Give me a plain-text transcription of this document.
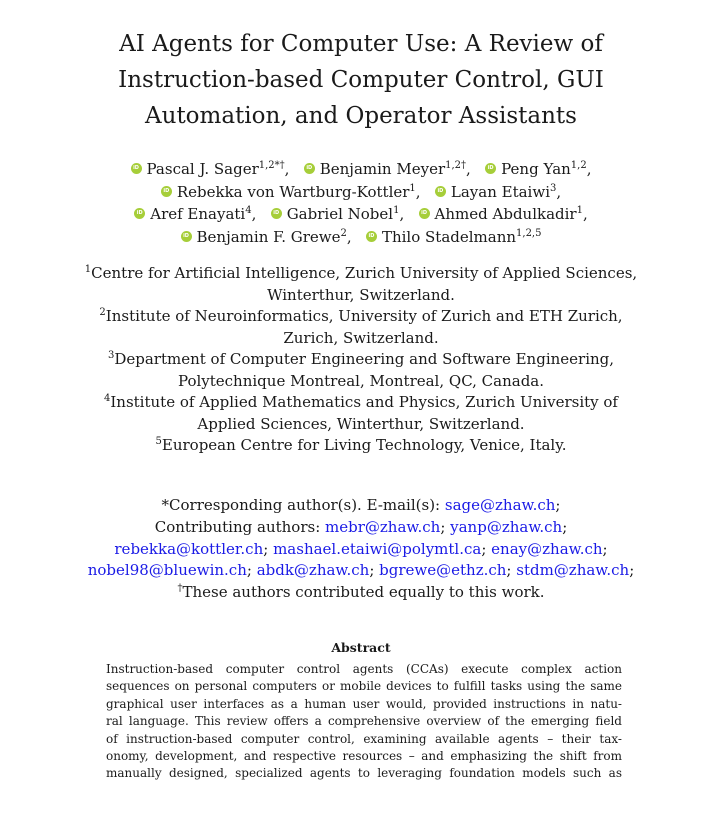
AI Agents for Computer Use: A Review of
Instruction-based Computer Control, GUI
Automation, and Operator Assistants
iDPascal J. Sager$^{1,2*\dagger}$, iD Benjamin Meyer$^{1,2\dagger}$, iD Peng Yan$^{1,2}$,
iDRebekka von Wartburg-Kottler$^1$, iD Layan Etaiwi$^3$,
iDAref Enayati$^4$, iD Gabriel Nobel$^1$, iD Ahmed Abdulkadir$^1$,
iDBenjamin F. Grewe$^2$, iD Thilo Stadelmann$^{1,2,5}$
$^1$Centre for Artificial Intelligence, Zurich University of Applied Sciences,
Winterthur, Switzerland.
$^2$Institute of Neuroinformatics, University of Zurich and ETH Zurich,
Zurich, Switzerland.
$^3$Department of Computer Engineering and Software Engineering,
Polytechnique Montreal, Montreal, QC, Canada.
$^4$Institute of Applied Mathematics and Physics, Zurich University of
Applied Sciences, Winterthur, Switzerland.
$^5$European Centre for Living Technology, Venice, Italy.
*Corresponding author(s). E-mail(s): sage@zhaw.ch;
Contributing authors: mebr@zhaw.ch; yanp@zhaw.ch;
rebekka@kottler.ch; mashael.etaiwi@polymtl.ca; enay@zhaw.ch;
nobel98@bluewin.ch; abdk@zhaw.ch; bgrewe@ethz.ch; stdm@zhaw.ch;
†These authors contributed equally to this work.
Abstract
Instruction-based computer control agents (CCAs) execute complex action
sequences on personal computers or mobile devices to fulfill tasks using the same
graphical user interfaces as a human user would, provided instructions in natu-
ral language. This review offers a comprehensive overview of the emerging field
of instruction-based computer control, examining available agents – their tax-
onomy, development, and respective resources – and emphasizing the shift from
manually designed, specialized agents to leveraging foundation models such as
